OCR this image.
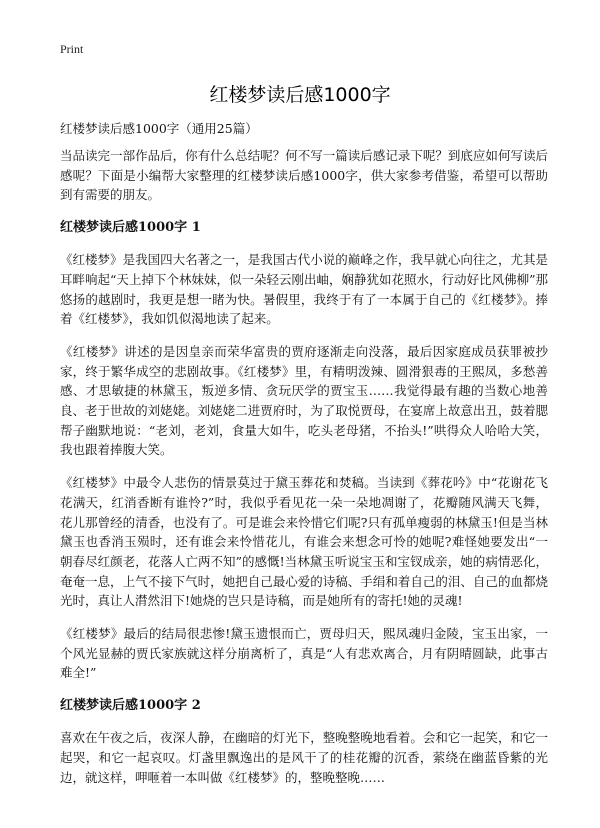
Print
红楼梦读后感1000字
红楼梦读后感1000字（通用25篇）

当品读完一部作品后，你有什么总结呢？何不写一篇读后感记录下呢？到底应如何写读后感呢？下面是小编帮大家整理的红楼梦读后感1000字，供大家参考借鉴，希望可以帮助到有需要的朋友。

红楼梦读后感1000字 1

《红楼梦》是我国四大名著之一，是我国古代小说的巅峰之作，我早就心向往之，尤其是耳畔响起“天上掉下个林妹妹，似一朵轻云刚出岫，娴静犹如花照水，行动好比风佛柳”那悠扬的越剧时，我更是想一睹为快。暑假里，我终于有了一本属于自己的《红楼梦》。捧着《红楼梦》，我如饥似渴地读了起来。

《红楼梦》讲述的是因皇亲而荣华富贵的贾府逐渐走向没落，最后因家庭成员获罪被抄家，终于繁华成空的悲剧故事。《红楼梦》里，有精明泼辣、圆滑狠毒的王熙凤，多愁善感、才思敏捷的林黛玉，叛逆多情、贪玩厌学的贾宝玉……我觉得最有趣的当数心地善良、老于世故的刘姥姥。刘姥姥二进贾府时，为了取悦贾母，在宴席上故意出丑，鼓着腮帮子幽默地说：“老刘，老刘，食量大如牛，吃头老母猪，不抬头!”哄得众人哈哈大笑，我也跟着捧腹大笑。

《红楼梦》中最令人悲伤的情景莫过于黛玉葬花和焚稿。当读到《葬花吟》中“花谢花飞花满天，红消香断有谁怜?”时，我似乎看见花一朵一朵地凋谢了，花瓣随风满天飞舞，花儿那曾经的清香，也没有了。可是谁会来怜惜它们呢?只有孤单瘦弱的林黛玉!但是当林黛玉也香消玉殒时，还有谁会来怜惜花儿，有谁会来想念可怜的她呢?难怪她要发出“一朝春尽红颜老，花落人亡两不知”的感慨!当林黛玉听说宝玉和宝钗成亲，她的病情恶化，奄奄一息，上气不接下气时，她把自己最心爱的诗稿、手绢和着自己的泪、自己的血都烧光时，真让人潸然泪下!她烧的岂只是诗稿，而是她所有的寄托!她的灵魂!

《红楼梦》最后的结局很悲惨!黛玉遗恨而亡，贾母归天，熙凤魂归金陵，宝玉出家，一个风光显赫的贾氏家族就这样分崩离析了，真是“人有悲欢离合，月有阴晴圆缺，此事古难全!”

红楼梦读后感1000字 2

喜欢在午夜之后，夜深人静，在幽暗的灯光下，整晚整晚地看着。会和它一起笑，和它一起哭，和它一起哀叹。灯盏里飘逸出的是风干了的桂花瓣的沉香，萦绕在幽蓝昏紫的光边，就这样，呷咂着一本叫做《红楼梦》的，整晚整晚……
